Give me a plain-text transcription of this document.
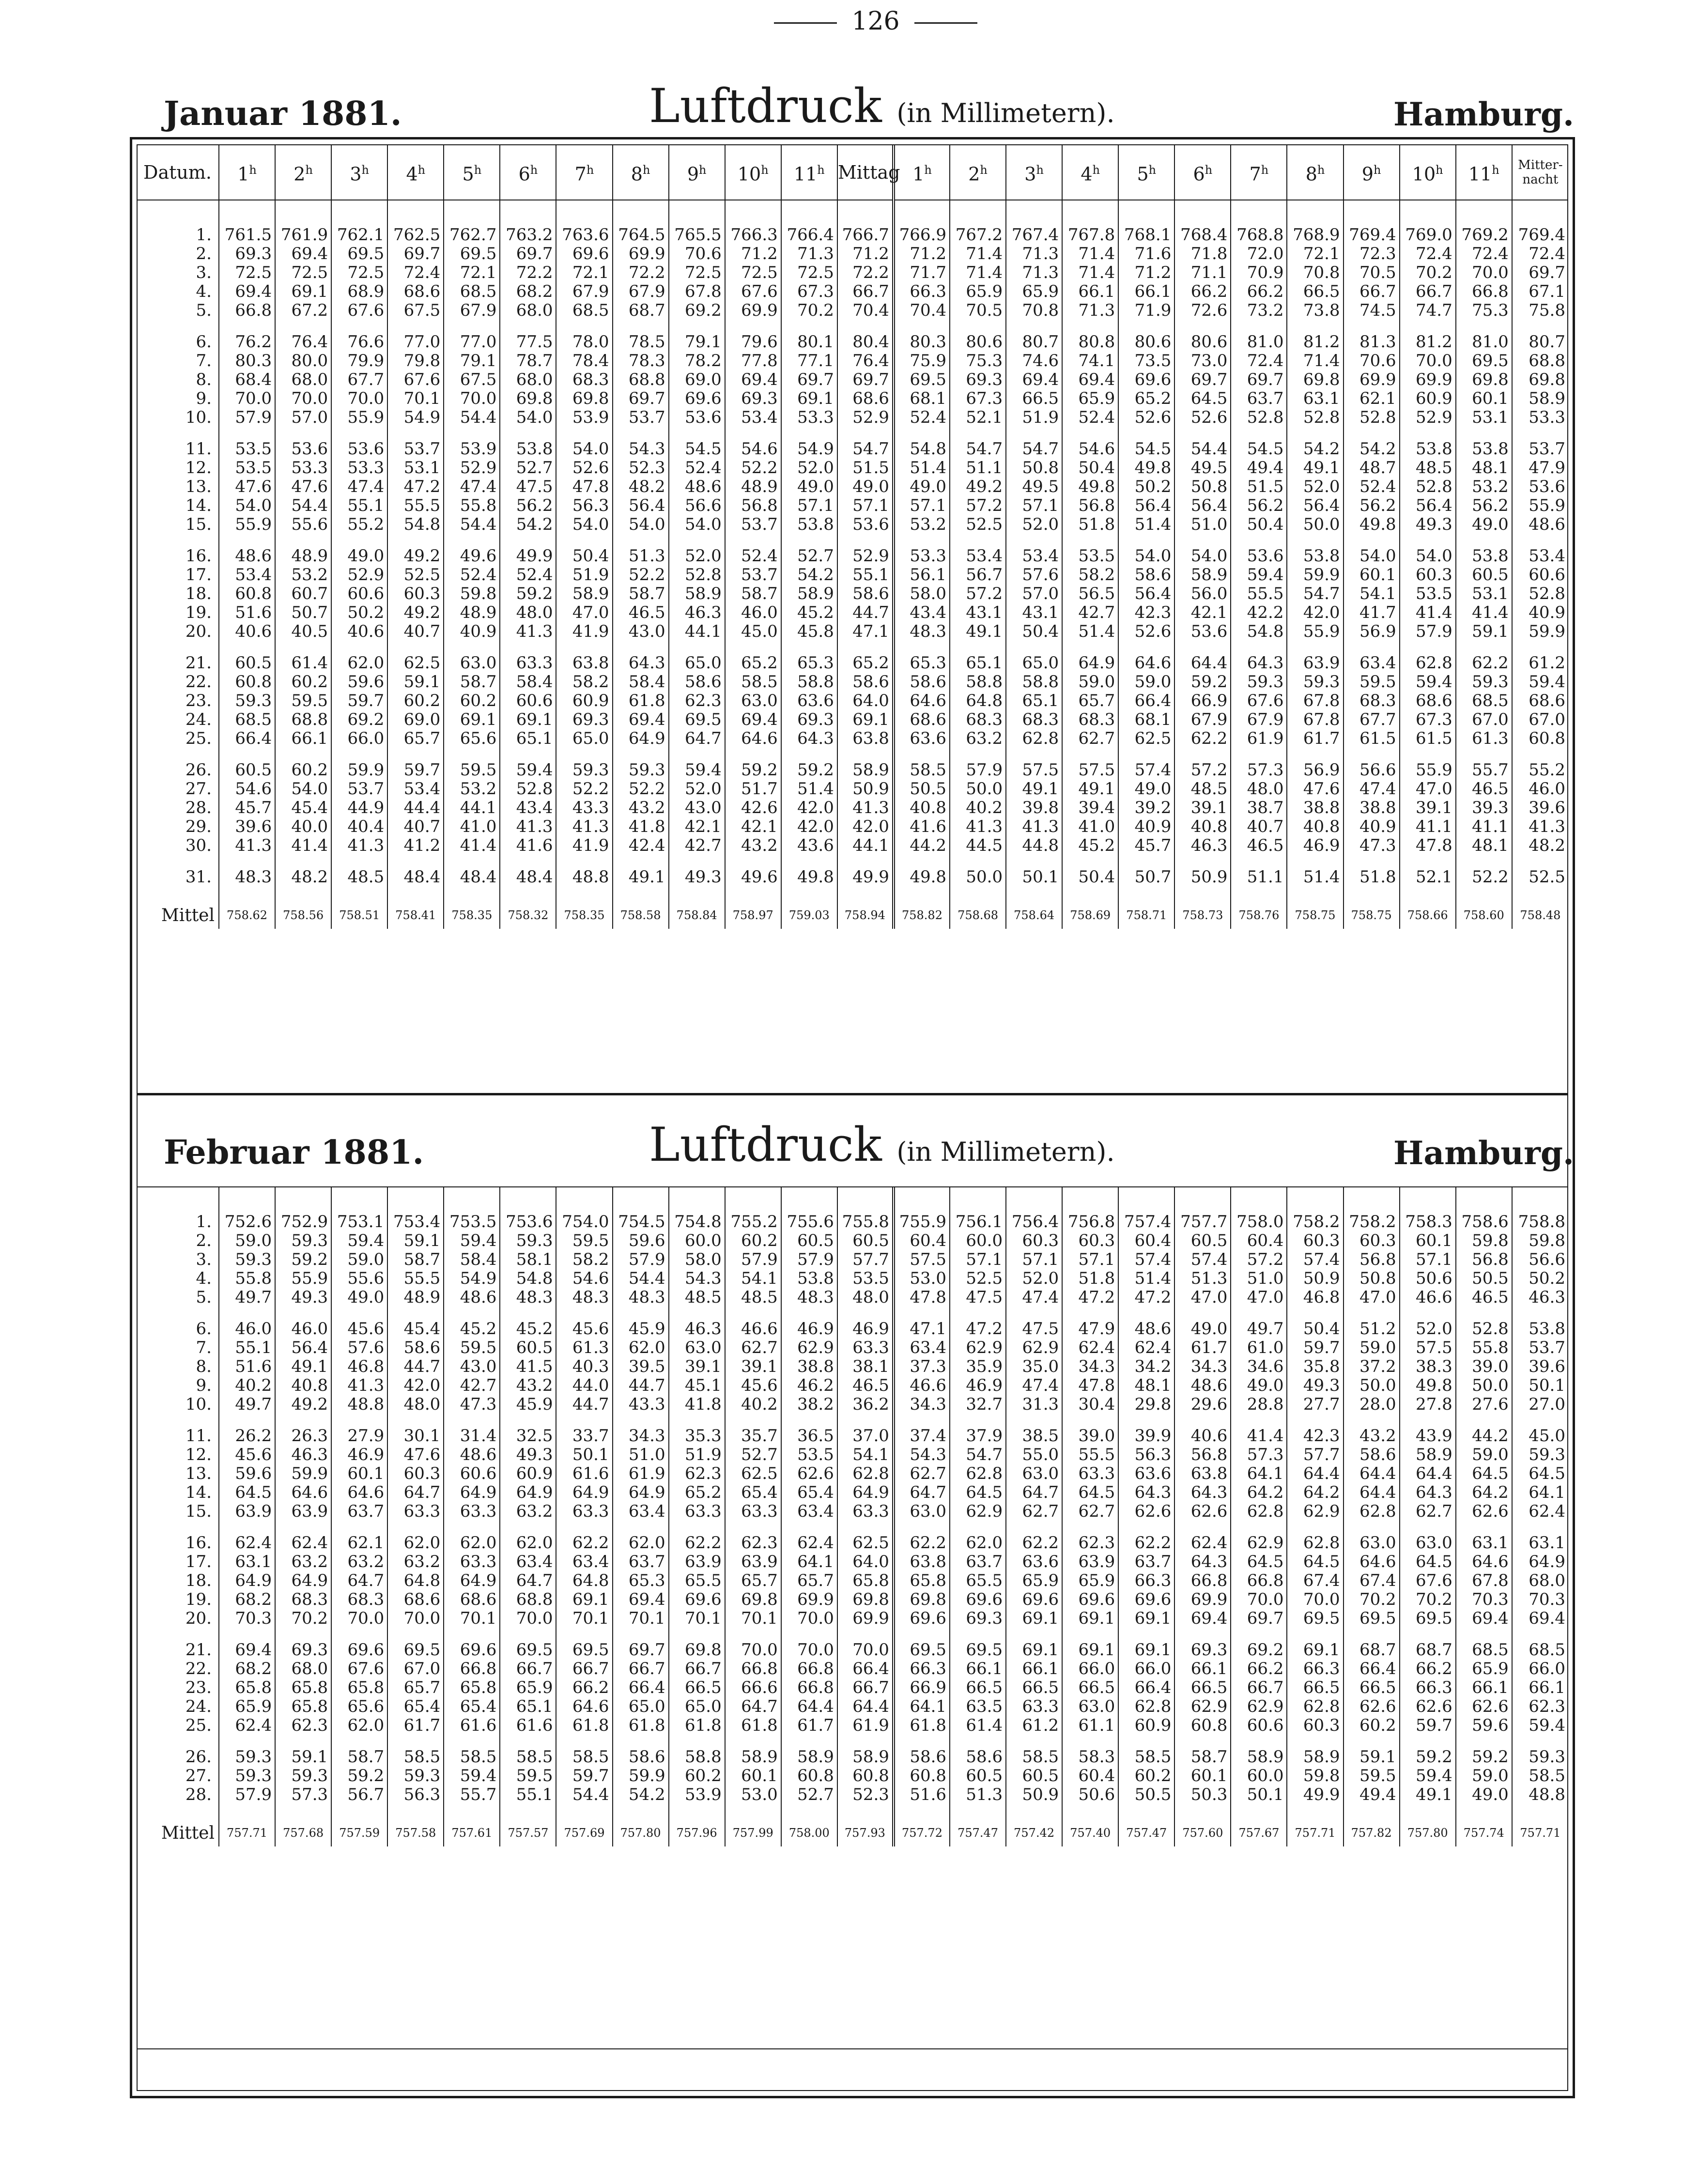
126
Januar 1881.	Luftdruck (in Millimetern).	Hamburg.
Datum.	1$^h$	2$^h$	3$^h$	4$^h$	5$^h$	6$^h$	7$^h$	8$^h$	9$^h$	10$^h$	11$^h$	Mittag	1$^h$	2$^h$	3$^h$	4$^h$	5$^h$	6$^h$	7$^h$	8$^h$	9$^h$	10$^h$	11$^h$	Mitter-
nacht
1.	761.5	761.9	762.1	762.5	762.7	763.2	763.6	764.5	765.5	766.3	766.4	766.7	766.9	767.2	767.4	767.8	768.1	768.4	768.8	768.9	769.4	769.0	769.2	769.4
2.	69.3	69.4	69.5	69.7	69.5	69.7	69.6	69.9	70.6	71.2	71.3	71.2	71.2	71.4	71.3	71.4	71.6	71.8	72.0	72.1	72.3	72.4	72.4	72.4
3.	72.5	72.5	72.5	72.4	72.1	72.2	72.1	72.2	72.5	72.5	72.5	72.2	71.7	71.4	71.3	71.4	71.2	71.1	70.9	70.8	70.5	70.2	70.0	69.7
4.	69.4	69.1	68.9	68.6	68.5	68.2	67.9	67.9	67.8	67.6	67.3	66.7	66.3	65.9	65.9	66.1	66.1	66.2	66.2	66.5	66.7	66.7	66.8	67.1
5.	66.8	67.2	67.6	67.5	67.9	68.0	68.5	68.7	69.2	69.9	70.2	70.4	70.4	70.5	70.8	71.3	71.9	72.6	73.2	73.8	74.5	74.7	75.3	75.8
6.	76.2	76.4	76.6	77.0	77.0	77.5	78.0	78.5	79.1	79.6	80.1	80.4	80.3	80.6	80.7	80.8	80.6	80.6	81.0	81.2	81.3	81.2	81.0	80.7
7.	80.3	80.0	79.9	79.8	79.1	78.7	78.4	78.3	78.2	77.8	77.1	76.4	75.9	75.3	74.6	74.1	73.5	73.0	72.4	71.4	70.6	70.0	69.5	68.8
8.	68.4	68.0	67.7	67.6	67.5	68.0	68.3	68.8	69.0	69.4	69.7	69.7	69.5	69.3	69.4	69.4	69.6	69.7	69.7	69.8	69.9	69.9	69.8	69.8
9.	70.0	70.0	70.0	70.1	70.0	69.8	69.8	69.7	69.6	69.3	69.1	68.6	68.1	67.3	66.5	65.9	65.2	64.5	63.7	63.1	62.1	60.9	60.1	58.9
10.	57.9	57.0	55.9	54.9	54.4	54.0	53.9	53.7	53.6	53.4	53.3	52.9	52.4	52.1	51.9	52.4	52.6	52.6	52.8	52.8	52.8	52.9	53.1	53.3
11.	53.5	53.6	53.6	53.7	53.9	53.8	54.0	54.3	54.5	54.6	54.9	54.7	54.8	54.7	54.7	54.6	54.5	54.4	54.5	54.2	54.2	53.8	53.8	53.7
12.	53.5	53.3	53.3	53.1	52.9	52.7	52.6	52.3	52.4	52.2	52.0	51.5	51.4	51.1	50.8	50.4	49.8	49.5	49.4	49.1	48.7	48.5	48.1	47.9
13.	47.6	47.6	47.4	47.2	47.4	47.5	47.8	48.2	48.6	48.9	49.0	49.0	49.0	49.2	49.5	49.8	50.2	50.8	51.5	52.0	52.4	52.8	53.2	53.6
14.	54.0	54.4	55.1	55.5	55.8	56.2	56.3	56.4	56.6	56.8	57.1	57.1	57.1	57.2	57.1	56.8	56.4	56.4	56.2	56.4	56.2	56.4	56.2	55.9
15.	55.9	55.6	55.2	54.8	54.4	54.2	54.0	54.0	54.0	53.7	53.8	53.6	53.2	52.5	52.0	51.8	51.4	51.0	50.4	50.0	49.8	49.3	49.0	48.6
16.	48.6	48.9	49.0	49.2	49.6	49.9	50.4	51.3	52.0	52.4	52.7	52.9	53.3	53.4	53.4	53.5	54.0	54.0	53.6	53.8	54.0	54.0	53.8	53.4
17.	53.4	53.2	52.9	52.5	52.4	52.4	51.9	52.2	52.8	53.7	54.2	55.1	56.1	56.7	57.6	58.2	58.6	58.9	59.4	59.9	60.1	60.3	60.5	60.6
18.	60.8	60.7	60.6	60.3	59.8	59.2	58.9	58.7	58.9	58.7	58.9	58.6	58.0	57.2	57.0	56.5	56.4	56.0	55.5	54.7	54.1	53.5	53.1	52.8
19.	51.6	50.7	50.2	49.2	48.9	48.0	47.0	46.5	46.3	46.0	45.2	44.7	43.4	43.1	43.1	42.7	42.3	42.1	42.2	42.0	41.7	41.4	41.4	40.9
20.	40.6	40.5	40.6	40.7	40.9	41.3	41.9	43.0	44.1	45.0	45.8	47.1	48.3	49.1	50.4	51.4	52.6	53.6	54.8	55.9	56.9	57.9	59.1	59.9
21.	60.5	61.4	62.0	62.5	63.0	63.3	63.8	64.3	65.0	65.2	65.3	65.2	65.3	65.1	65.0	64.9	64.6	64.4	64.3	63.9	63.4	62.8	62.2	61.2
22.	60.8	60.2	59.6	59.1	58.7	58.4	58.2	58.4	58.6	58.5	58.8	58.6	58.6	58.8	58.8	59.0	59.0	59.2	59.3	59.3	59.5	59.4	59.3	59.4
23.	59.3	59.5	59.7	60.2	60.2	60.6	60.9	61.8	62.3	63.0	63.6	64.0	64.6	64.8	65.1	65.7	66.4	66.9	67.6	67.8	68.3	68.6	68.5	68.6
24.	68.5	68.8	69.2	69.0	69.1	69.1	69.3	69.4	69.5	69.4	69.3	69.1	68.6	68.3	68.3	68.3	68.1	67.9	67.9	67.8	67.7	67.3	67.0	67.0
25.	66.4	66.1	66.0	65.7	65.6	65.1	65.0	64.9	64.7	64.6	64.3	63.8	63.6	63.2	62.8	62.7	62.5	62.2	61.9	61.7	61.5	61.5	61.3	60.8
26.	60.5	60.2	59.9	59.7	59.5	59.4	59.3	59.3	59.4	59.2	59.2	58.9	58.5	57.9	57.5	57.5	57.4	57.2	57.3	56.9	56.6	55.9	55.7	55.2
27.	54.6	54.0	53.7	53.4	53.2	52.8	52.2	52.2	52.0	51.7	51.4	50.9	50.5	50.0	49.1	49.1	49.0	48.5	48.0	47.6	47.4	47.0	46.5	46.0
28.	45.7	45.4	44.9	44.4	44.1	43.4	43.3	43.2	43.0	42.6	42.0	41.3	40.8	40.2	39.8	39.4	39.2	39.1	38.7	38.8	38.8	39.1	39.3	39.6
29.	39.6	40.0	40.4	40.7	41.0	41.3	41.3	41.8	42.1	42.1	42.0	42.0	41.6	41.3	41.3	41.0	40.9	40.8	40.7	40.8	40.9	41.1	41.1	41.3
30.	41.3	41.4	41.3	41.2	41.4	41.6	41.9	42.4	42.7	43.2	43.6	44.1	44.2	44.5	44.8	45.2	45.7	46.3	46.5	46.9	47.3	47.8	48.1	48.2
31.	48.3	48.2	48.5	48.4	48.4	48.4	48.8	49.1	49.3	49.6	49.8	49.9	49.8	50.0	50.1	50.4	50.7	50.9	51.1	51.4	51.8	52.1	52.2	52.5
Mittel	758.62	758.56	758.51	758.41	758.35	758.32	758.35	758.58	758.84	758.97	759.03	758.94	758.82	758.68	758.64	758.69	758.71	758.73	758.76	758.75	758.75	758.66	758.60	758.48
Februar 1881.	Luftdruck (in Millimetern).	Hamburg.
1.	752.6	752.9	753.1	753.4	753.5	753.6	754.0	754.5	754.8	755.2	755.6	755.8	755.9	756.1	756.4	756.8	757.4	757.7	758.0	758.2	758.2	758.3	758.6	758.8
2.	59.0	59.3	59.4	59.1	59.4	59.3	59.5	59.6	60.0	60.2	60.5	60.5	60.4	60.0	60.3	60.3	60.4	60.5	60.4	60.3	60.3	60.1	59.8	59.8
3.	59.3	59.2	59.0	58.7	58.4	58.1	58.2	57.9	58.0	57.9	57.9	57.7	57.5	57.1	57.1	57.1	57.4	57.4	57.2	57.4	56.8	57.1	56.8	56.6
4.	55.8	55.9	55.6	55.5	54.9	54.8	54.6	54.4	54.3	54.1	53.8	53.5	53.0	52.5	52.0	51.8	51.4	51.3	51.0	50.9	50.8	50.6	50.5	50.2
5.	49.7	49.3	49.0	48.9	48.6	48.3	48.3	48.3	48.5	48.5	48.3	48.0	47.8	47.5	47.4	47.2	47.2	47.0	47.0	46.8	47.0	46.6	46.5	46.3
6.	46.0	46.0	45.6	45.4	45.2	45.2	45.6	45.9	46.3	46.6	46.9	46.9	47.1	47.2	47.5	47.9	48.6	49.0	49.7	50.4	51.2	52.0	52.8	53.8
7.	55.1	56.4	57.6	58.6	59.5	60.5	61.3	62.0	63.0	62.7	62.9	63.3	63.4	62.9	62.9	62.4	62.4	61.7	61.0	59.7	59.0	57.5	55.8	53.7
8.	51.6	49.1	46.8	44.7	43.0	41.5	40.3	39.5	39.1	39.1	38.8	38.1	37.3	35.9	35.0	34.3	34.2	34.3	34.6	35.8	37.2	38.3	39.0	39.6
9.	40.2	40.8	41.3	42.0	42.7	43.2	44.0	44.7	45.1	45.6	46.2	46.5	46.6	46.9	47.4	47.8	48.1	48.6	49.0	49.3	50.0	49.8	50.0	50.1
10.	49.7	49.2	48.8	48.0	47.3	45.9	44.7	43.3	41.8	40.2	38.2	36.2	34.3	32.7	31.3	30.4	29.8	29.6	28.8	27.7	28.0	27.8	27.6	27.0
11.	26.2	26.3	27.9	30.1	31.4	32.5	33.7	34.3	35.3	35.7	36.5	37.0	37.4	37.9	38.5	39.0	39.9	40.6	41.4	42.3	43.2	43.9	44.2	45.0
12.	45.6	46.3	46.9	47.6	48.6	49.3	50.1	51.0	51.9	52.7	53.5	54.1	54.3	54.7	55.0	55.5	56.3	56.8	57.3	57.7	58.6	58.9	59.0	59.3
13.	59.6	59.9	60.1	60.3	60.6	60.9	61.6	61.9	62.3	62.5	62.6	62.8	62.7	62.8	63.0	63.3	63.6	63.8	64.1	64.4	64.4	64.4	64.5	64.5
14.	64.5	64.6	64.6	64.7	64.9	64.9	64.9	64.9	65.2	65.4	65.4	64.9	64.7	64.5	64.7	64.5	64.3	64.3	64.2	64.2	64.4	64.3	64.2	64.1
15.	63.9	63.9	63.7	63.3	63.3	63.2	63.3	63.4	63.3	63.3	63.4	63.3	63.0	62.9	62.7	62.7	62.6	62.6	62.8	62.9	62.8	62.7	62.6	62.4
16.	62.4	62.4	62.1	62.0	62.0	62.0	62.2	62.0	62.2	62.3	62.4	62.5	62.2	62.0	62.2	62.3	62.2	62.4	62.9	62.8	63.0	63.0	63.1	63.1
17.	63.1	63.2	63.2	63.2	63.3	63.4	63.4	63.7	63.9	63.9	64.1	64.0	63.8	63.7	63.6	63.9	63.7	64.3	64.5	64.5	64.6	64.5	64.6	64.9
18.	64.9	64.9	64.7	64.8	64.9	64.7	64.8	65.3	65.5	65.7	65.7	65.8	65.8	65.5	65.9	65.9	66.3	66.8	66.8	67.4	67.4	67.6	67.8	68.0
19.	68.2	68.3	68.3	68.6	68.6	68.8	69.1	69.4	69.6	69.8	69.9	69.8	69.8	69.6	69.6	69.6	69.6	69.9	70.0	70.0	70.2	70.2	70.3	70.3
20.	70.3	70.2	70.0	70.0	70.1	70.0	70.1	70.1	70.1	70.1	70.0	69.9	69.6	69.3	69.1	69.1	69.1	69.4	69.7	69.5	69.5	69.5	69.4	69.4
21.	69.4	69.3	69.6	69.5	69.6	69.5	69.5	69.7	69.8	70.0	70.0	70.0	69.5	69.5	69.1	69.1	69.1	69.3	69.2	69.1	68.7	68.7	68.5	68.5
22.	68.2	68.0	67.6	67.0	66.8	66.7	66.7	66.7	66.7	66.8	66.8	66.4	66.3	66.1	66.1	66.0	66.0	66.1	66.2	66.3	66.4	66.2	65.9	66.0
23.	65.8	65.8	65.8	65.7	65.8	65.9	66.2	66.4	66.5	66.6	66.8	66.7	66.9	66.5	66.5	66.5	66.4	66.5	66.7	66.5	66.5	66.3	66.1	66.1
24.	65.9	65.8	65.6	65.4	65.4	65.1	64.6	65.0	65.0	64.7	64.4	64.4	64.1	63.5	63.3	63.0	62.8	62.9	62.9	62.8	62.6	62.6	62.6	62.3
25.	62.4	62.3	62.0	61.7	61.6	61.6	61.8	61.8	61.8	61.8	61.7	61.9	61.8	61.4	61.2	61.1	60.9	60.8	60.6	60.3	60.2	59.7	59.6	59.4
26.	59.3	59.1	58.7	58.5	58.5	58.5	58.5	58.6	58.8	58.9	58.9	58.9	58.6	58.6	58.5	58.3	58.5	58.7	58.9	58.9	59.1	59.2	59.2	59.3
27.	59.3	59.3	59.2	59.3	59.4	59.5	59.7	59.9	60.2	60.1	60.8	60.8	60.8	60.5	60.5	60.4	60.2	60.1	60.0	59.8	59.5	59.4	59.0	58.5
28.	57.9	57.3	56.7	56.3	55.7	55.1	54.4	54.2	53.9	53.0	52.7	52.3	51.6	51.3	50.9	50.6	50.5	50.3	50.1	49.9	49.4	49.1	49.0	48.8
Mittel	757.71	757.68	757.59	757.58	757.61	757.57	757.69	757.80	757.96	757.99	758.00	757.93	757.72	757.47	757.42	757.40	757.47	757.60	757.67	757.71	757.82	757.80	757.74	757.71
